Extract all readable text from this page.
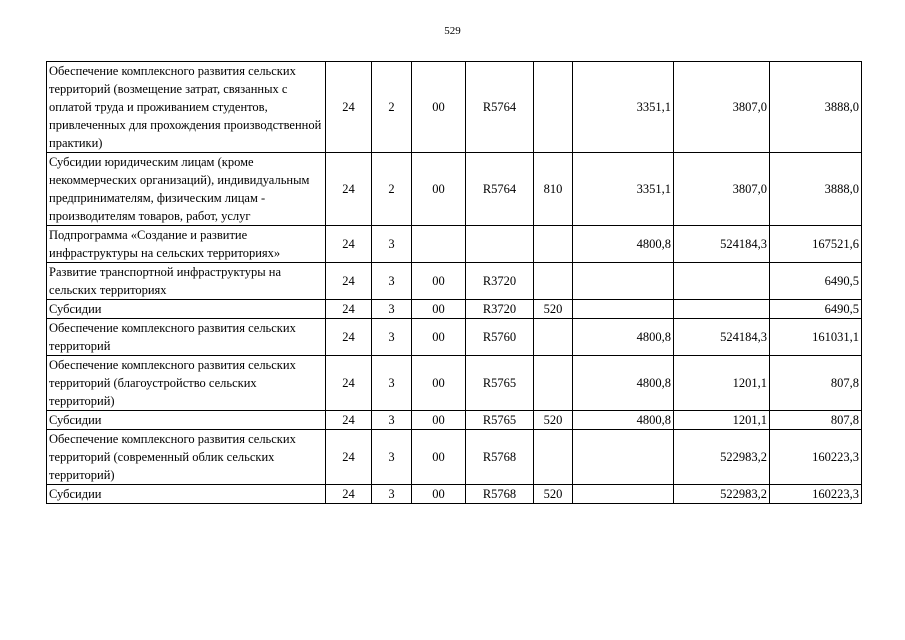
529
Обеспечение комплексного развития сельских территорий (возмещение затрат, связанных с оплатой труда и проживанием студентов, привлеченных для прохождения производственной практики)	24	2	00	R5764		3351,1	3807,0	3888,0
Субсидии юридическим лицам (кроме некоммерческих организаций), индивидуальным предпринимателям, физическим лицам - производителям товаров, работ, услуг	24	2	00	R5764	810	3351,1	3807,0	3888,0
Подпрограмма «Создание и развитие инфраструктуры на сельских территориях»	24	3				4800,8	524184,3	167521,6
Развитие транспортной инфраструктуры на сельских территориях	24	3	00	R3720				6490,5
Субсидии	24	3	00	R3720	520			6490,5
Обеспечение комплексного развития сельских территорий	24	3	00	R5760		4800,8	524184,3	161031,1
Обеспечение комплексного развития сельских территорий (благоустройство сельских территорий)	24	3	00	R5765		4800,8	1201,1	807,8
Субсидии	24	3	00	R5765	520	4800,8	1201,1	807,8
Обеспечение комплексного развития сельских территорий (современный облик сельских территорий)	24	3	00	R5768			522983,2	160223,3
Субсидии	24	3	00	R5768	520		522983,2	160223,3
